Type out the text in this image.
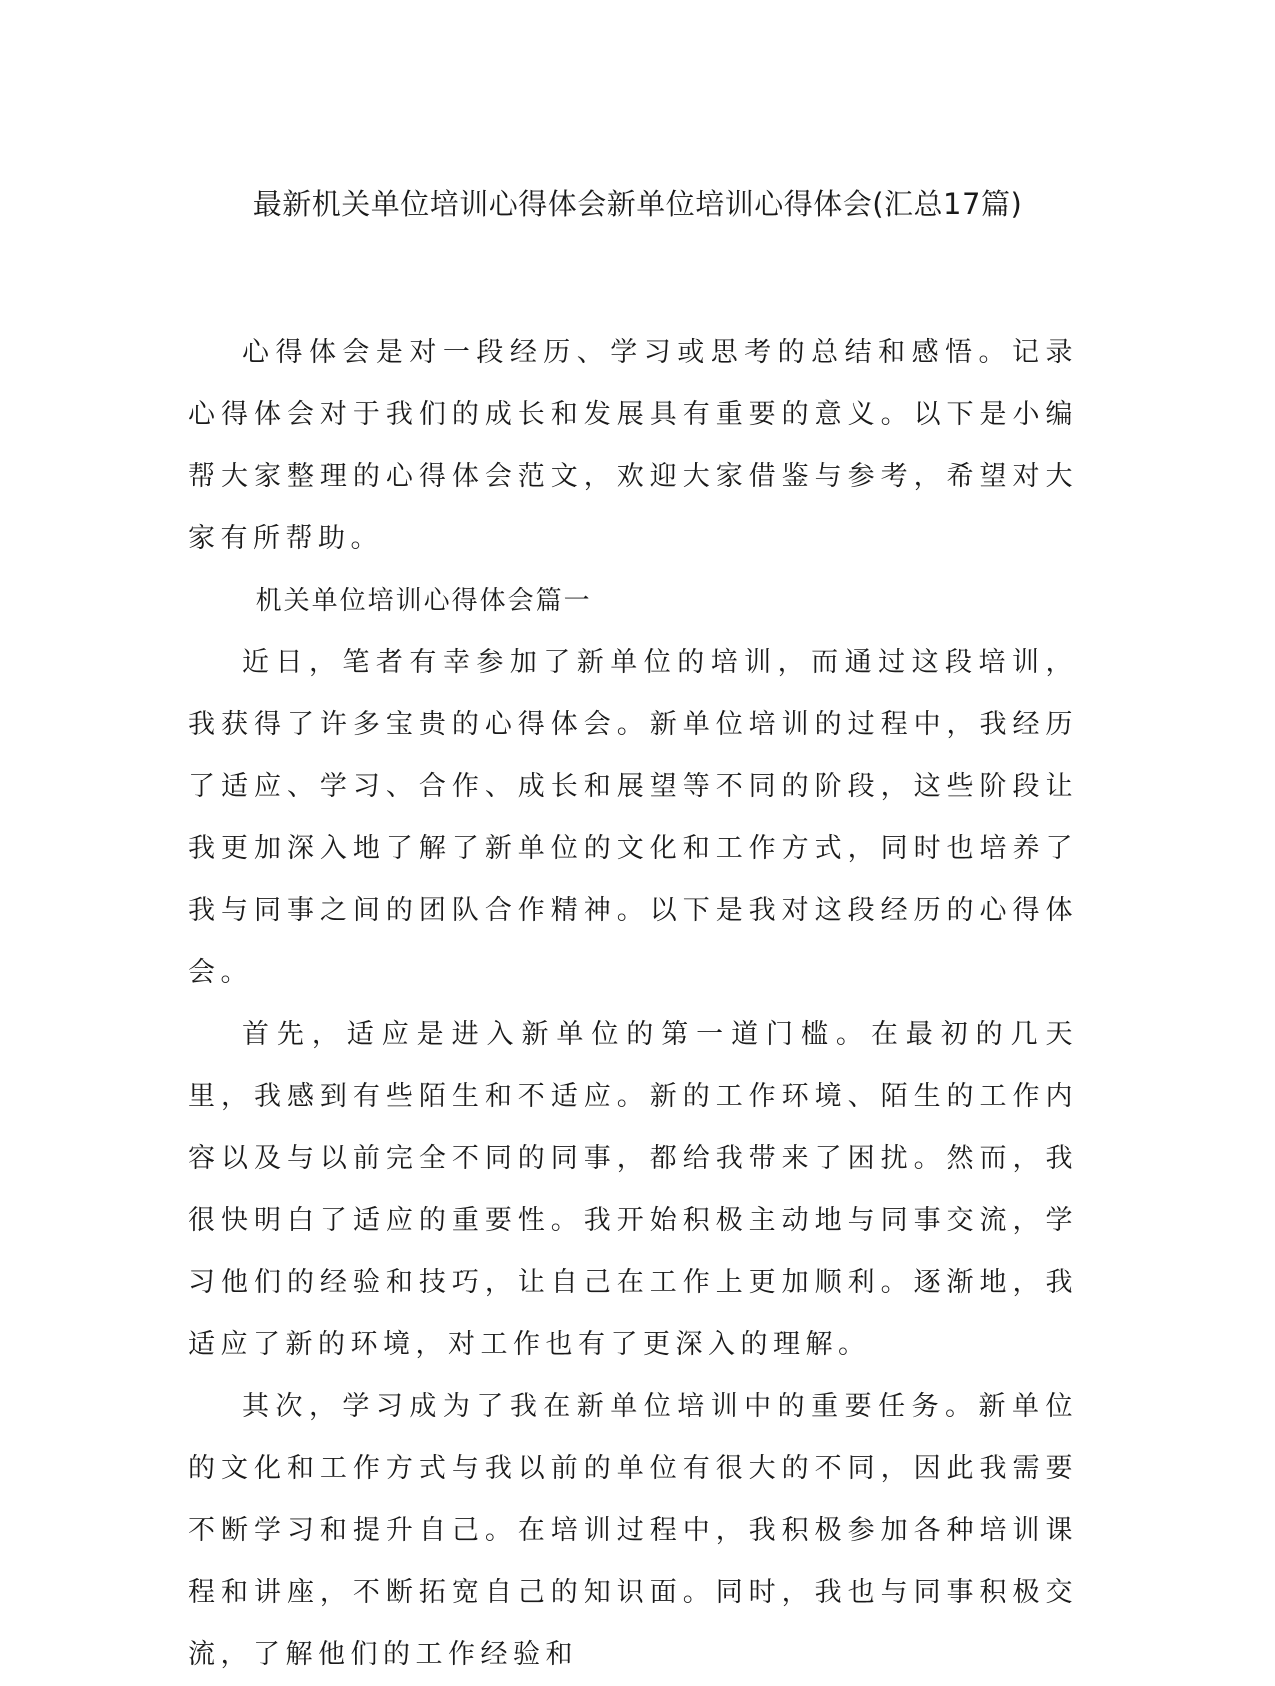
最新机关单位培训心得体会新单位培训心得体会(汇总17篇)

心得体会是对一段经历、学习或思考的总结和感悟。记录心得体会对于我们的成长和发展具有重要的意义。以下是小编帮大家整理的心得体会范文，欢迎大家借鉴与参考，希望对大家有所帮助。

机关单位培训心得体会篇一

近日，笔者有幸参加了新单位的培训，而通过这段培训，我获得了许多宝贵的心得体会。新单位培训的过程中，我经历了适应、学习、合作、成长和展望等不同的阶段，这些阶段让我更加深入地了解了新单位的文化和工作方式，同时也培养了我与同事之间的团队合作精神。以下是我对这段经历的心得体会。

首先，适应是进入新单位的第一道门槛。在最初的几天里，我感到有些陌生和不适应。新的工作环境、陌生的工作内容以及与以前完全不同的同事，都给我带来了困扰。然而，我很快明白了适应的重要性。我开始积极主动地与同事交流，学习他们的经验和技巧，让自己在工作上更加顺利。逐渐地，我适应了新的环境，对工作也有了更深入的理解。

其次，学习成为了我在新单位培训中的重要任务。新单位的文化和工作方式与我以前的单位有很大的不同，因此我需要不断学习和提升自己。在培训过程中，我积极参加各种培训课程和讲座，不断拓宽自己的知识面。同时，我也与同事积极交流，了解他们的工作经验和
